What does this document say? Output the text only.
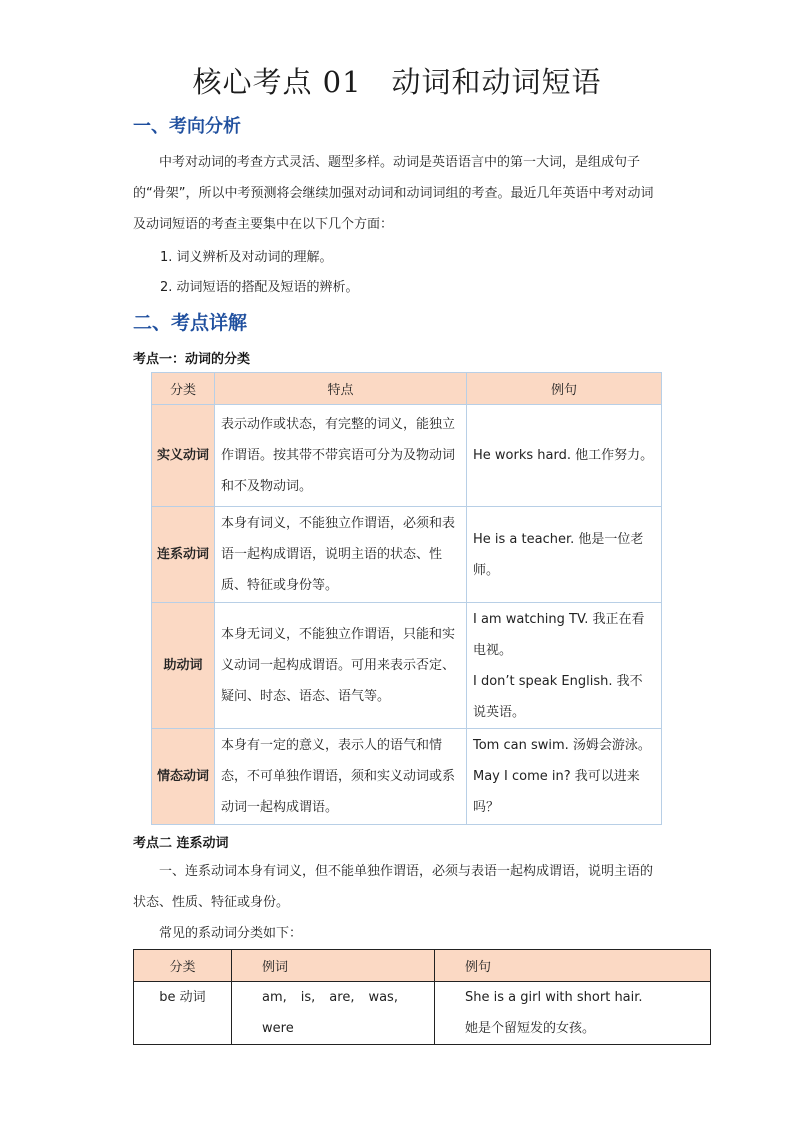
核心考点 01　动词和动词短语
一、考向分析
中考对动词的考查方式灵活、题型多样。动词是英语语言中的第一大词，是组成句子的“骨架”，所以中考预测将会继续加强对动词和动词词组的考查。最近几年英语中考对动词及动词短语的考查主要集中在以下几个方面：
1. 词义辨析及对动词的理解。
2. 动词短语的搭配及短语的辨析。
二、考点详解
考点一：动词的分类
分类	特点	例句
实义动词	表示动作或状态，有完整的词义，能独立作谓语。按其带不带宾语可分为及物动词和不及物动词。	He works hard. 他工作努力。
连系动词	本身有词义，不能独立作谓语，必须和表语一起构成谓语，说明主语的状态、性质、特征或身份等。	He is a teacher. 他是一位老师。
助动词	本身无词义，不能独立作谓语，只能和实义动词一起构成谓语。可用来表示否定、疑问、时态、语态、语气等。	I am watching TV. 我正在看电视。
I don’t speak English. 我不说英语。
情态动词	本身有一定的意义，表示人的语气和情态，不可单独作谓语，须和实义动词或系动词一起构成谓语。	Tom can swim. 汤姆会游泳。
May I come in? 我可以进来吗？
考点二 连系动词
一、连系动词本身有词义，但不能单独作谓语，必须与表语一起构成谓语，说明主语的状态、性质、特征或身份。
常见的系动词分类如下：
分类	例词	例句
be 动词	am, is, are, was,were	She is a girl with short hair.
她是个留短发的女孩。
